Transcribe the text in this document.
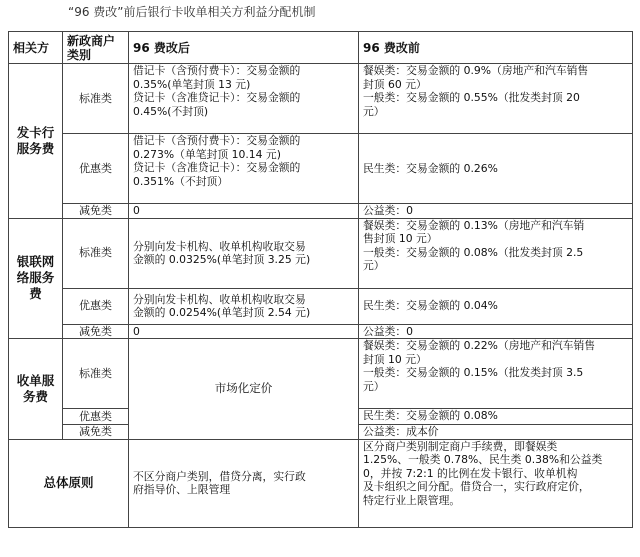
“96 费改”前后银行卡收单相关方利益分配机制
相关方	新政商户类别	96 费改后	96 费改前
发卡行服务费	标准类	借记卡（含预付费卡）：交易金额的
0.35%(单笔封顶 13 元)
贷记卡（含准贷记卡）：交易金额的
0.45%(不封顶)	餐娱类：交易金额的 0.9%（房地产和汽车销售
封顶 60 元）
一般类：交易金额的 0.55%（批发类封顶 20
元）

	优惠类	借记卡（含预付费卡）：交易金额的
0.273%（单笔封顶 10.14 元)
贷记卡（含准贷记卡）：交易金额的
0.351%（不封顶）	民生类：交易金额的 0.26%

	减免类	0	公益类：0
银联网络服务费	标准类	分别向发卡机构、收单机构收取交易
金额的 0.0325%(单笔封顶 3.25 元)	餐娱类：交易金额的 0.13%（房地产和汽车销
售封顶 10 元）
一般类：交易金额的 0.08%（批发类封顶 2.5
元）

	优惠类	分别向发卡机构、收单机构收取交易
金额的 0.0254%(单笔封顶 2.54 元)	民生类：交易金额的 0.04%

	减免类	0	公益类：0
收单服务费	标准类	市场化定价	餐娱类：交易金额的 0.22%（房地产和汽车销售
封顶 10 元）
一般类：交易金额的 0.15%（批发类封顶 3.5
元）

	优惠类		民生类：交易金额的 0.08%

	减免类		公益类：成本价
总体原则		不区分商户类别，借贷分离，实行政
府指导价、上限管理	区分商户类别制定商户手续费，即餐娱类
1.25%、一般类 0.78%、民生类 0.38%和公益类
0，并按 7:2:1 的比例在发卡银行、收单机构
及卡组织之间分配。借贷合一，实行政府定价，
特定行业上限管理。
